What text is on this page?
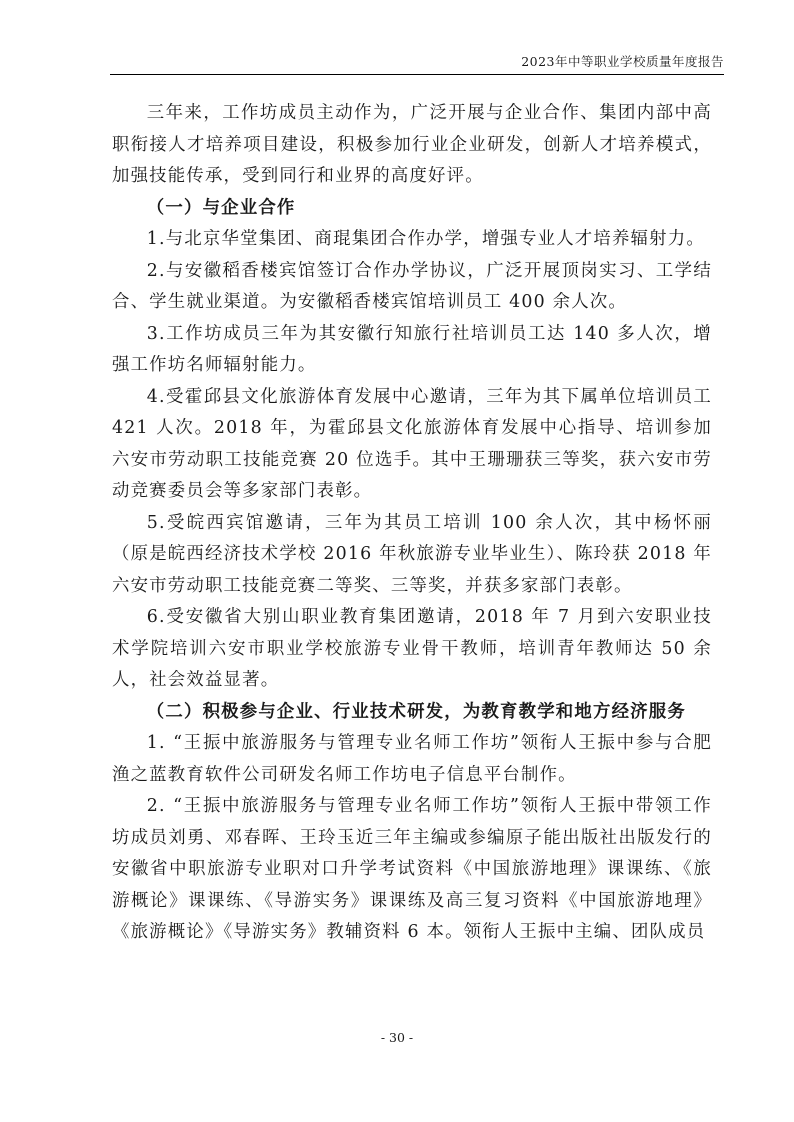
2023年中等职业学校质量年度报告

三年来，工作坊成员主动作为，广泛开展与企业合作、集团内部中高职衔接人才培养项目建设，积极参加行业企业研发，创新人才培养模式，加强技能传承，受到同行和业界的高度好评。

（一）与企业合作

1.与北京华堂集团、商琨集团合作办学，增强专业人才培养辐射力。

2.与安徽稻香楼宾馆签订合作办学协议，广泛开展顶岗实习、工学结合、学生就业渠道。为安徽稻香楼宾馆培训员工 400 余人次。

3.工作坊成员三年为其安徽行知旅行社培训员工达 140 多人次，增强工作坊名师辐射能力。

4.受霍邱县文化旅游体育发展中心邀请，三年为其下属单位培训员工 421 人次。2018 年，为霍邱县文化旅游体育发展中心指导、培训参加六安市劳动职工技能竞赛 20 位选手。其中王珊珊获三等奖，获六安市劳动竞赛委员会等多家部门表彰。

5.受皖西宾馆邀请，三年为其员工培训 100 余人次，其中杨怀丽（原是皖西经济技术学校 2016 年秋旅游专业毕业生）、陈玲获 2018 年六安市劳动职工技能竞赛二等奖、三等奖，并获多家部门表彰。

6.受安徽省大别山职业教育集团邀请，2018 年 7 月到六安职业技术学院培训六安市职业学校旅游专业骨干教师，培训青年教师达 50 余人，社会效益显著。

（二）积极参与企业、行业技术研发，为教育教学和地方经济服务

1. “王振中旅游服务与管理专业名师工作坊”领衔人王振中参与合肥渔之蓝教育软件公司研发名师工作坊电子信息平台制作。

2. “王振中旅游服务与管理专业名师工作坊”领衔人王振中带领工作坊成员刘勇、邓春晖、王玲玉近三年主编或参编原子能出版社出版发行的安徽省中职旅游专业职对口升学考试资料《中国旅游地理》课课练、《旅游概论》课课练、《导游实务》课课练及高三复习资料《中国旅游地理》《旅游概论》《导游实务》教辅资料 6 本。领衔人王振中主编、团队成员

- 30 -
